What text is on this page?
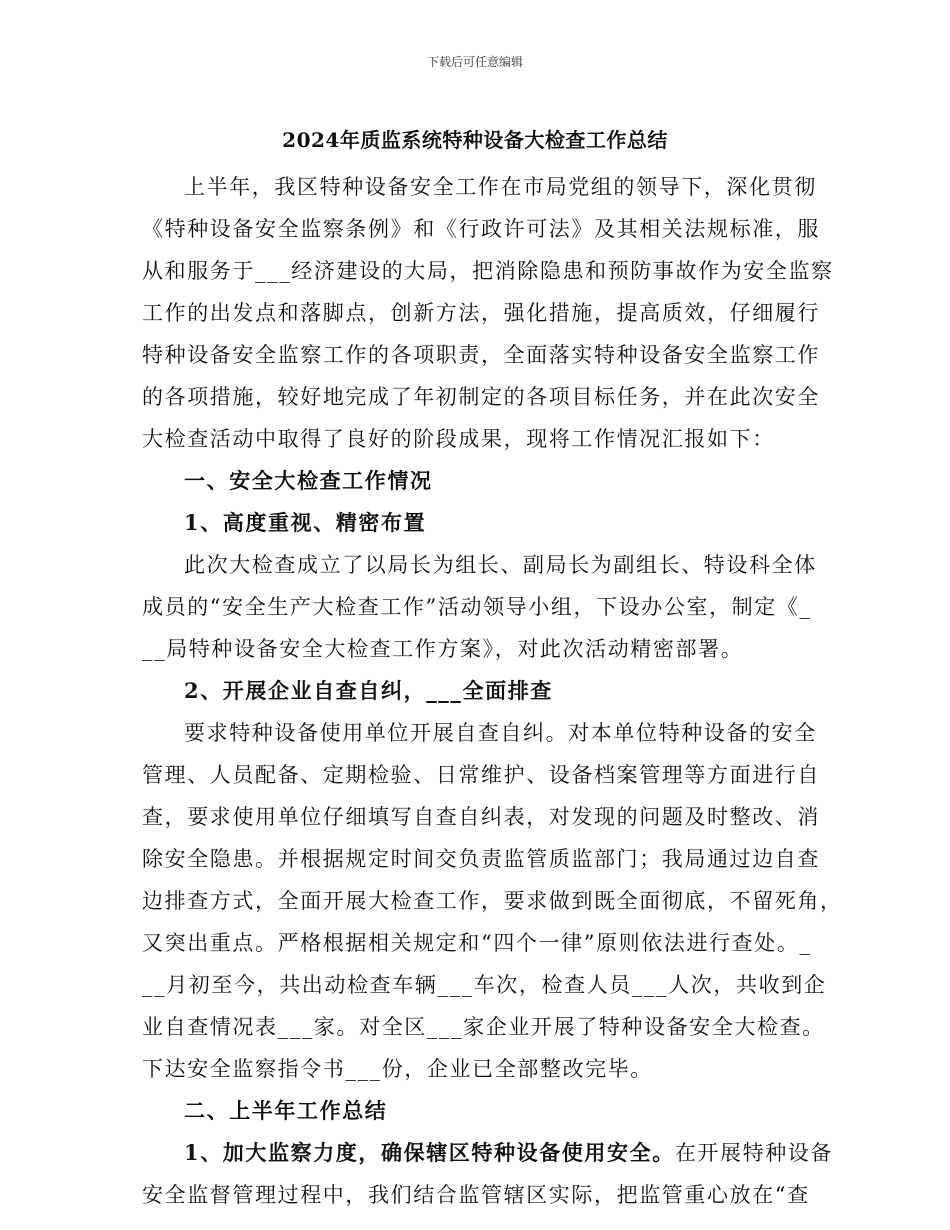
下载后可任意编辑
2024年质监系统特种设备大检查工作总结
上半年，我区特种设备安全工作在市局党组的领导下，深化贯彻
《特种设备安全监察条例》和《行政许可法》及其相关法规标准，服
从和服务于___经济建设的大局，把消除隐患和预防事故作为安全监察
工作的出发点和落脚点，创新方法，强化措施，提高质效，仔细履行
特种设备安全监察工作的各项职责，全面落实特种设备安全监察工作
的各项措施，较好地完成了年初制定的各项目标任务，并在此次安全
大检查活动中取得了良好的阶段成果，现将工作情况汇报如下：
一、安全大检查工作情况
1、高度重视、精密布置
此次大检查成立了以局长为组长、副局长为副组长、特设科全体
成员的“安全生产大检查工作”活动领导小组，下设办公室，制定《_
__局特种设备安全大检查工作方案》，对此次活动精密部署。
2、开展企业自查自纠，___全面排查
要求特种设备使用单位开展自查自纠。对本单位特种设备的安全
管理、人员配备、定期检验、日常维护、设备档案管理等方面进行自
查，要求使用单位仔细填写自查自纠表，对发现的问题及时整改、消
除安全隐患。并根据规定时间交负责监管质监部门；我局通过边自查
边排查方式，全面开展大检查工作，要求做到既全面彻底，不留死角，
又突出重点。严格根据相关规定和“四个一律”原则依法进行查处。_
__月初至今，共出动检查车辆___车次，检查人员___人次，共收到企
业自查情况表___家。对全区___家企业开展了特种设备安全大检查。
下达安全监察指令书___份，企业已全部整改完毕。
二、上半年工作总结
1、加大监察力度，确保辖区特种设备使用安全。在开展特种设备
安全监督管理过程中，我们结合监管辖区实际，把监管重心放在“查
